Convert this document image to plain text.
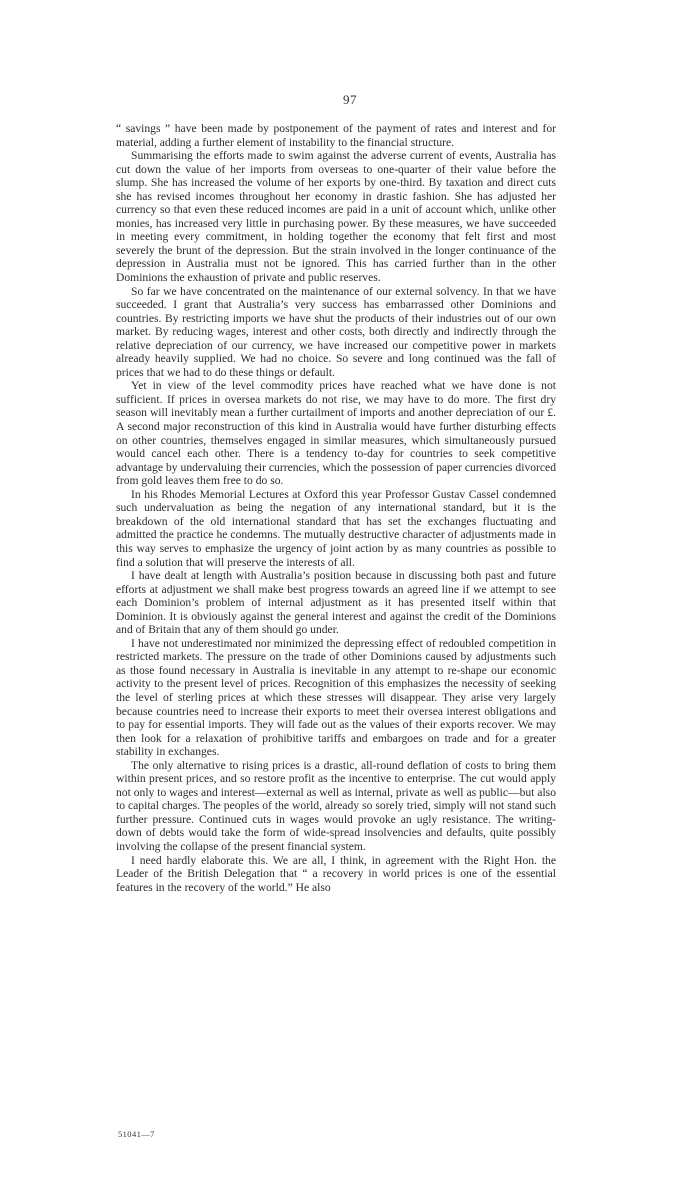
97

“ savings ” have been made by postponement of the payment of rates and interest and for material, adding a further element of instability to the financial structure.

Summarising the efforts made to swim against the adverse current of events, Australia has cut down the value of her imports from overseas to one-quarter of their value before the slump. She has increased the volume of her exports by one-third. By taxation and direct cuts she has revised incomes throughout her economy in drastic fashion. She has adjusted her currency so that even these reduced incomes are paid in a unit of account which, unlike other monies, has increased very little in purchasing power. By these measures, we have succeeded in meeting every commitment, in holding together the economy that felt first and most severely the brunt of the depression. But the strain involved in the longer continuance of the depression in Australia must not be ignored. This has carried further than in the other Dominions the exhaustion of private and public reserves.

So far we have concentrated on the maintenance of our external solvency. In that we have succeeded. I grant that Australia’s very success has embarrassed other Dominions and countries. By restricting imports we have shut the products of their industries out of our own market. By reducing wages, interest and other costs, both directly and indirectly through the relative depreciation of our currency, we have increased our competitive power in markets already heavily supplied. We had no choice. So severe and long continued was the fall of prices that we had to do these things or default.

Yet in view of the level commodity prices have reached what we have done is not sufficient. If prices in oversea markets do not rise, we may have to do more. The first dry season will inevitably mean a further curtailment of imports and another depreciation of our £. A second major reconstruction of this kind in Australia would have further disturbing effects on other countries, themselves engaged in similar measures, which simultaneously pursued would cancel each other. There is a tendency to-day for countries to seek competitive advantage by undervaluing their currencies, which the possession of paper currencies divorced from gold leaves them free to do so.

In his Rhodes Memorial Lectures at Oxford this year Professor Gustav Cassel condemned such undervaluation as being the negation of any international standard, but it is the breakdown of the old international standard that has set the exchanges fluctuating and admitted the practice he condemns. The mutually destructive character of adjustments made in this way serves to emphasize the urgency of joint action by as many countries as possible to find a solution that will preserve the interests of all.

I have dealt at length with Australia’s position because in discussing both past and future efforts at adjustment we shall make best progress towards an agreed line if we attempt to see each Dominion’s problem of internal adjustment as it has presented itself within that Dominion. It is obviously against the general interest and against the credit of the Dominions and of Britain that any of them should go under.

I have not underestimated nor minimized the depressing effect of redoubled competition in restricted markets. The pressure on the trade of other Dominions caused by adjustments such as those found necessary in Australia is inevitable in any attempt to re-shape our economic activity to the present level of prices. Recognition of this emphasizes the necessity of seeking the level of sterling prices at which these stresses will disappear. They arise very largely because countries need to increase their exports to meet their oversea interest obligations and to pay for essential imports. They will fade out as the values of their exports recover. We may then look for a relaxation of prohibitive tariffs and embargoes on trade and for a greater stability in exchanges.

The only alternative to rising prices is a drastic, all-round deflation of costs to bring them within present prices, and so restore profit as the incentive to enterprise. The cut would apply not only to wages and interest—external as well as internal, private as well as public—but also to capital charges. The peoples of the world, already so sorely tried, simply will not stand such further pressure. Continued cuts in wages would provoke an ugly resistance. The writing-down of debts would take the form of wide-spread insolvencies and defaults, quite possibly involving the collapse of the present financial system.

I need hardly elaborate this. We are all, I think, in agreement with the Right Hon. the Leader of the British Delegation that “ a recovery in world prices is one of the essential features in the recovery of the world.” He also

51041—7
